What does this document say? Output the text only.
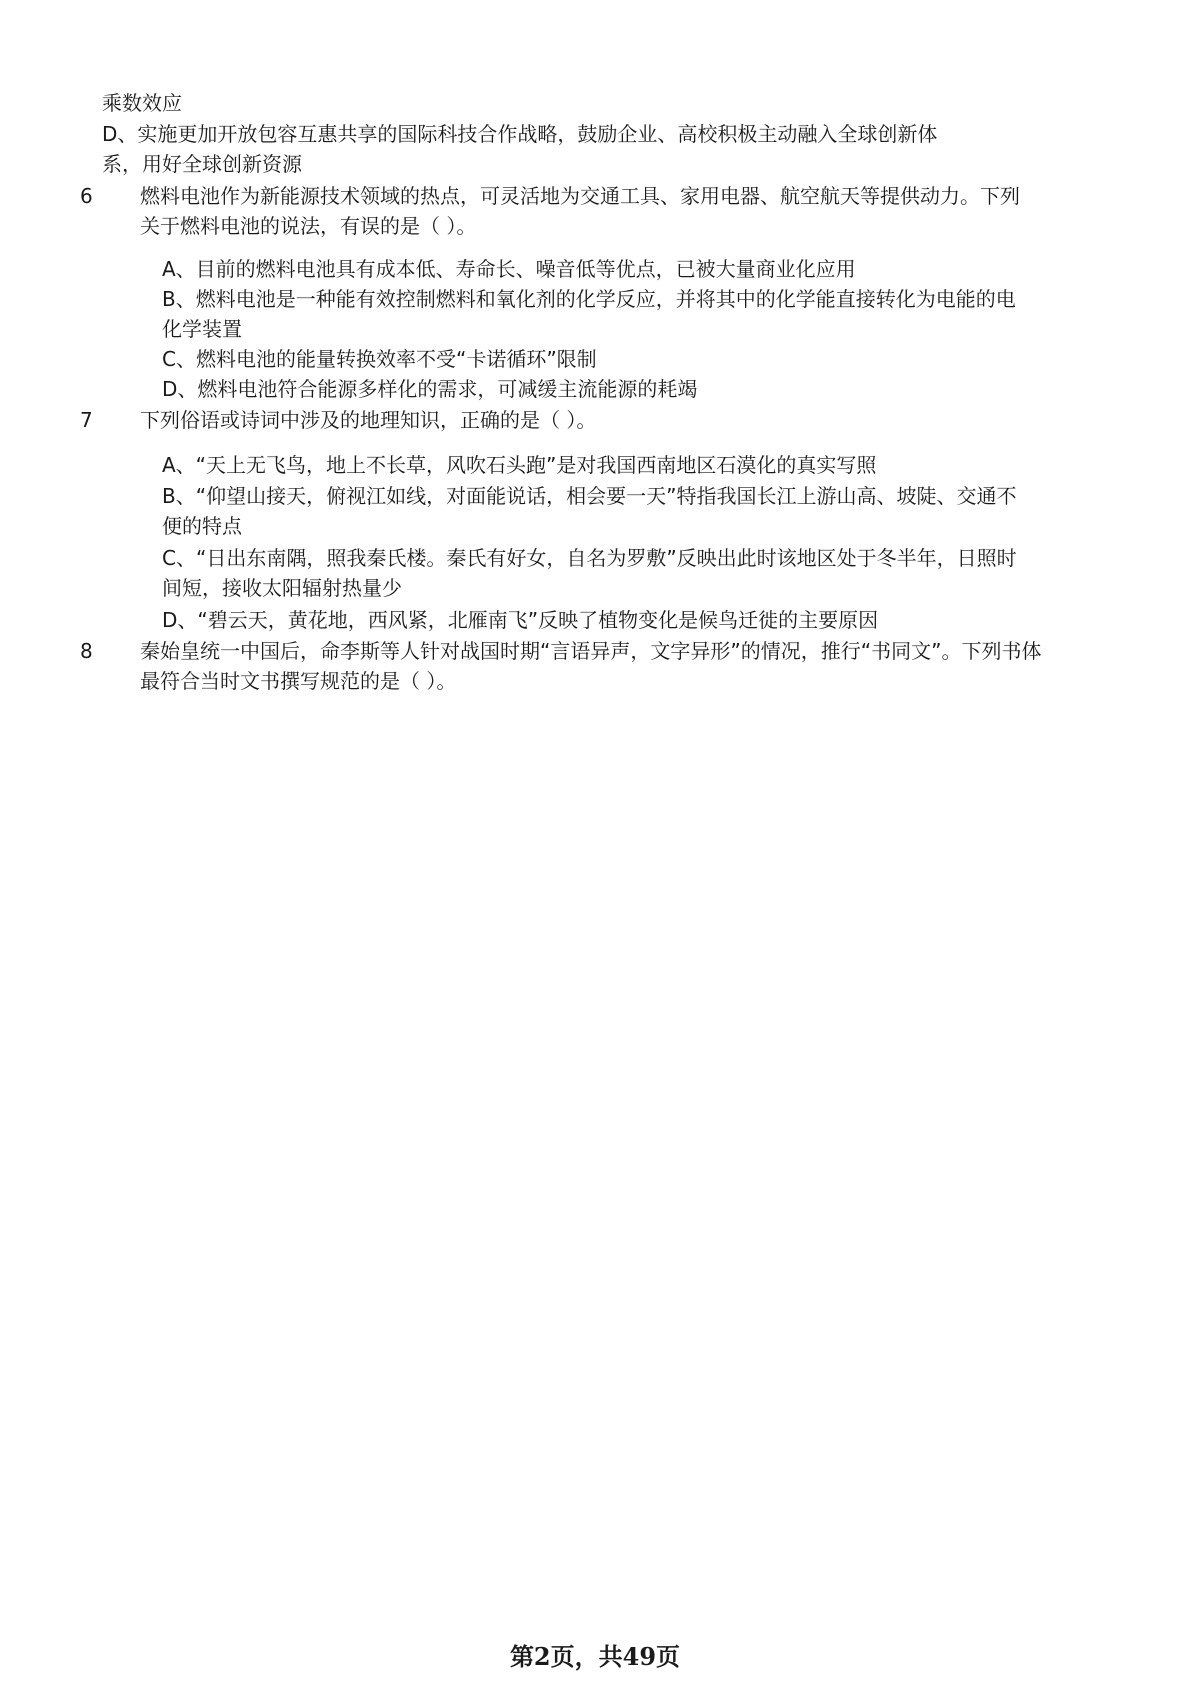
乘数效应
D、实施更加开放包容互惠共享的国际科技合作战略，鼓励企业、高校积极主动融入全球创新体
系，用好全球创新资源
6 燃料电池作为新能源技术领域的热点，可灵活地为交通工具、家用电器、航空航天等提供动力。下列
关于燃料电池的说法，有误的是（ ）。
A、目前的燃料电池具有成本低、寿命长、噪音低等优点，已被大量商业化应用
B、燃料电池是一种能有效控制燃料和氧化剂的化学反应，并将其中的化学能直接转化为电能的电
化学装置
C、燃料电池的能量转换效率不受“卡诺循环”限制
D、燃料电池符合能源多样化的需求，可减缓主流能源的耗竭
7 下列俗语或诗词中涉及的地理知识，正确的是（ ）。
A、“天上无飞鸟，地上不长草，风吹石头跑”是对我国西南地区石漠化的真实写照
B、“仰望山接天，俯视江如线，对面能说话，相会要一天”特指我国长江上游山高、坡陡、交通不
便的特点
C、“日出东南隅，照我秦氏楼。秦氏有好女，自名为罗敷”反映出此时该地区处于冬半年，日照时
间短，接收太阳辐射热量少
D、“碧云天，黄花地，西风紧，北雁南飞”反映了植物变化是候鸟迁徙的主要原因
8 秦始皇统一中国后，命李斯等人针对战国时期“言语异声，文字异形”的情况，推行“书同文”。下列书体
最符合当时文书撰写规范的是（ ）。
第2页，共49页
